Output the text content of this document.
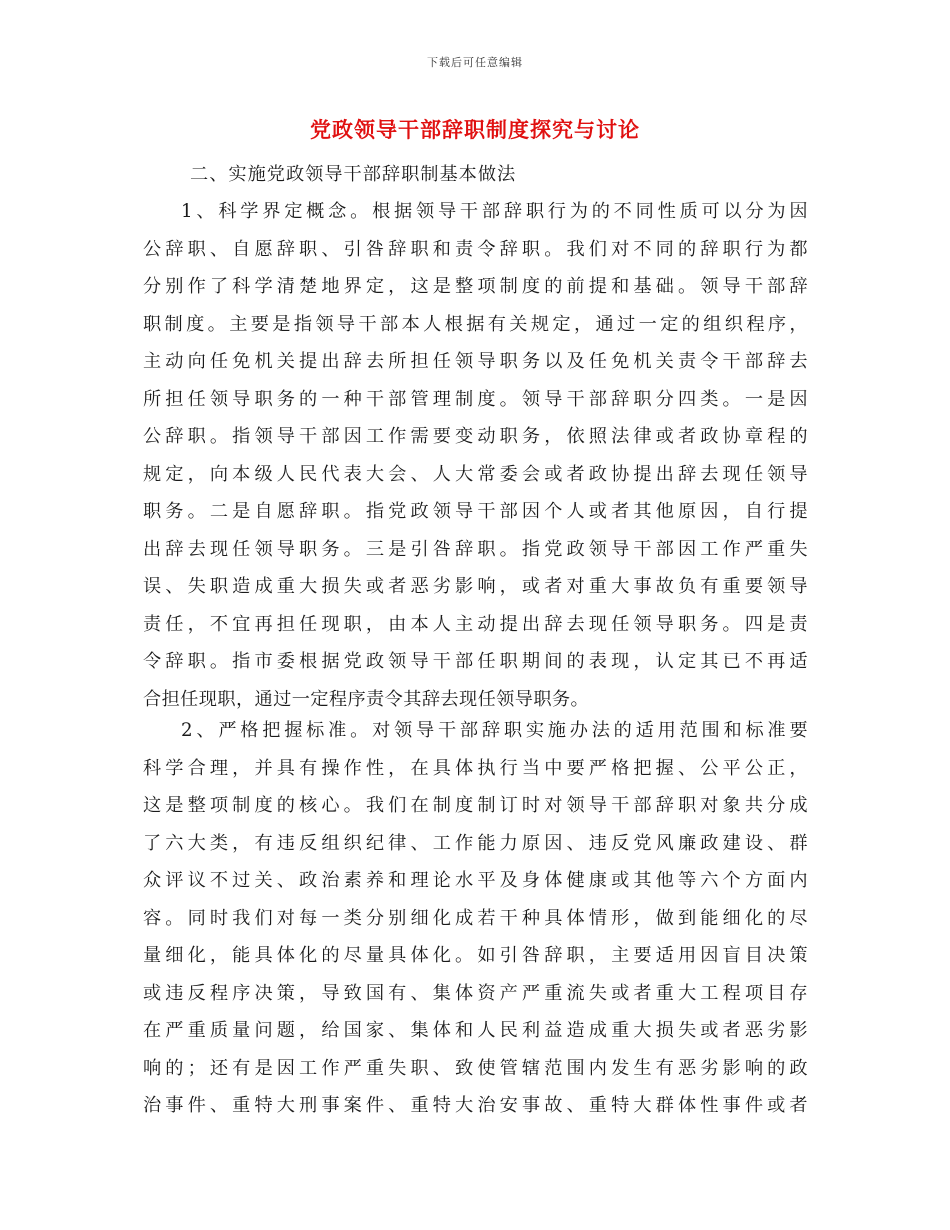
下载后可任意编辑
党政领导干部辞职制度探究与讨论
二、实施党政领导干部辞职制基本做法
1、科学界定概念。根据领导干部辞职行为的不同性质可以分为因
公辞职、自愿辞职、引咎辞职和责令辞职。我们对不同的辞职行为都
分别作了科学清楚地界定，这是整项制度的前提和基础。领导干部辞
职制度。主要是指领导干部本人根据有关规定，通过一定的组织程序，
主动向任免机关提出辞去所担任领导职务以及任免机关责令干部辞去
所担任领导职务的一种干部管理制度。领导干部辞职分四类。一是因
公辞职。指领导干部因工作需要变动职务，依照法律或者政协章程的
规定，向本级人民代表大会、人大常委会或者政协提出辞去现任领导
职务。二是自愿辞职。指党政领导干部因个人或者其他原因，自行提
出辞去现任领导职务。三是引咎辞职。指党政领导干部因工作严重失
误、失职造成重大损失或者恶劣影响，或者对重大事故负有重要领导
责任，不宜再担任现职，由本人主动提出辞去现任领导职务。四是责
令辞职。指市委根据党政领导干部任职期间的表现，认定其已不再适
合担任现职，通过一定程序责令其辞去现任领导职务。
2、严格把握标准。对领导干部辞职实施办法的适用范围和标准要
科学合理，并具有操作性，在具体执行当中要严格把握、公平公正，
这是整项制度的核心。我们在制度制订时对领导干部辞职对象共分成
了六大类，有违反组织纪律、工作能力原因、违反党风廉政建设、群
众评议不过关、政治素养和理论水平及身体健康或其他等六个方面内
容。同时我们对每一类分别细化成若干种具体情形，做到能细化的尽
量细化，能具体化的尽量具体化。如引咎辞职，主要适用因盲目决策
或违反程序决策，导致国有、集体资产严重流失或者重大工程项目存
在严重质量问题，给国家、集体和人民利益造成重大损失或者恶劣影
响的；还有是因工作严重失职、致使管辖范围内发生有恶劣影响的政
治事件、重特大刑事案件、重特大治安事故、重特大群体性事件或者
